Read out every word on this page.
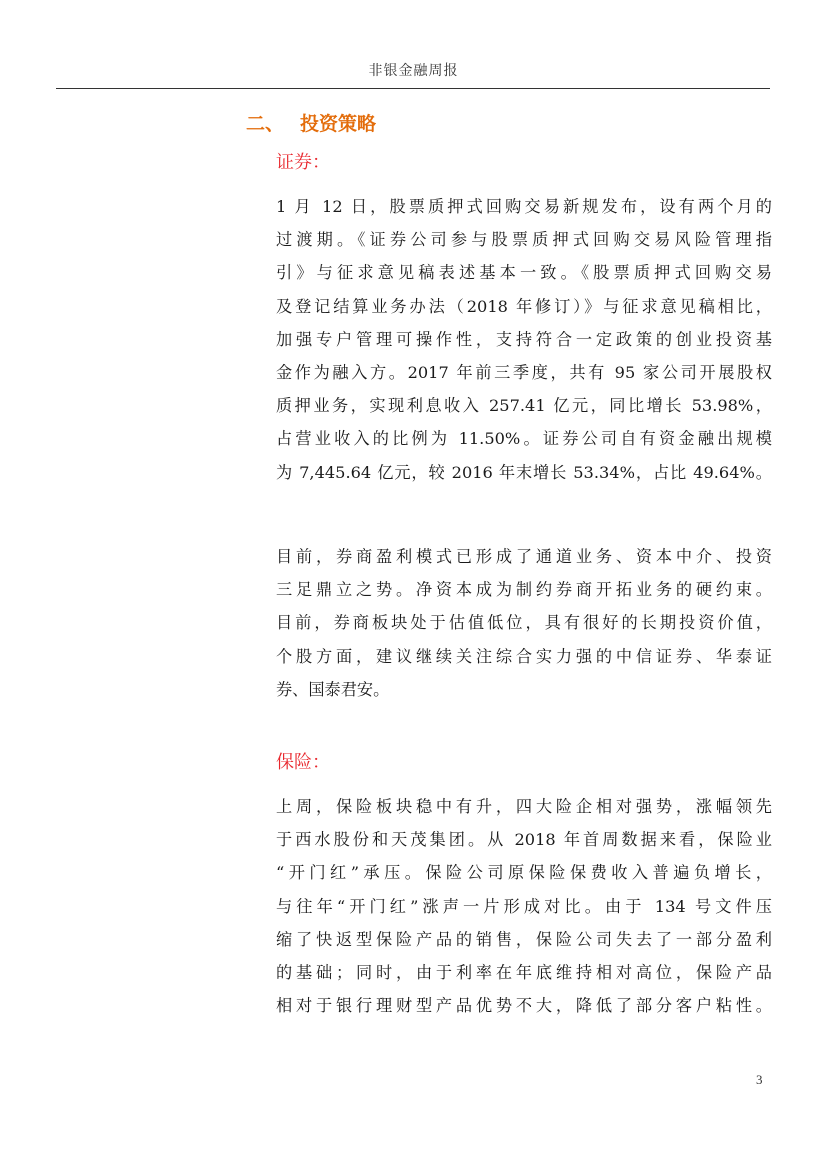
非银金融周报
二、 投资策略
证券：
1 月 12 日，股票质押式回购交易新规发布，设有两个月的
过渡期。《证券公司参与股票质押式回购交易风险管理指
引》与征求意见稿表述基本一致。《股票质押式回购交易
及登记结算业务办法（2018 年修订）》与征求意见稿相比，
加强专户管理可操作性，支持符合一定政策的创业投资基
金作为融入方。2017 年前三季度，共有 95 家公司开展股权
质押业务，实现利息收入 257.41 亿元，同比增长 53.98%，
占营业收入的比例为 11.50%。证券公司自有资金融出规模
为 7,445.64 亿元，较 2016 年末增长 53.34%，占比 49.64%。
目前，券商盈利模式已形成了通道业务、资本中介、投资
三足鼎立之势。净资本成为制约券商开拓业务的硬约束。
目前，券商板块处于估值低位，具有很好的长期投资价值，
个股方面，建议继续关注综合实力强的中信证券、华泰证
券、国泰君安。
保险：
上周，保险板块稳中有升，四大险企相对强势，涨幅领先
于西水股份和天茂集团。从 2018 年首周数据来看，保险业
“开门红”承压。保险公司原保险保费收入普遍负增长，
与往年“开门红”涨声一片形成对比。由于 134 号文件压
缩了快返型保险产品的销售，保险公司失去了一部分盈利
的基础；同时，由于利率在年底维持相对高位，保险产品
相对于银行理财型产品优势不大，降低了部分客户粘性。
3
